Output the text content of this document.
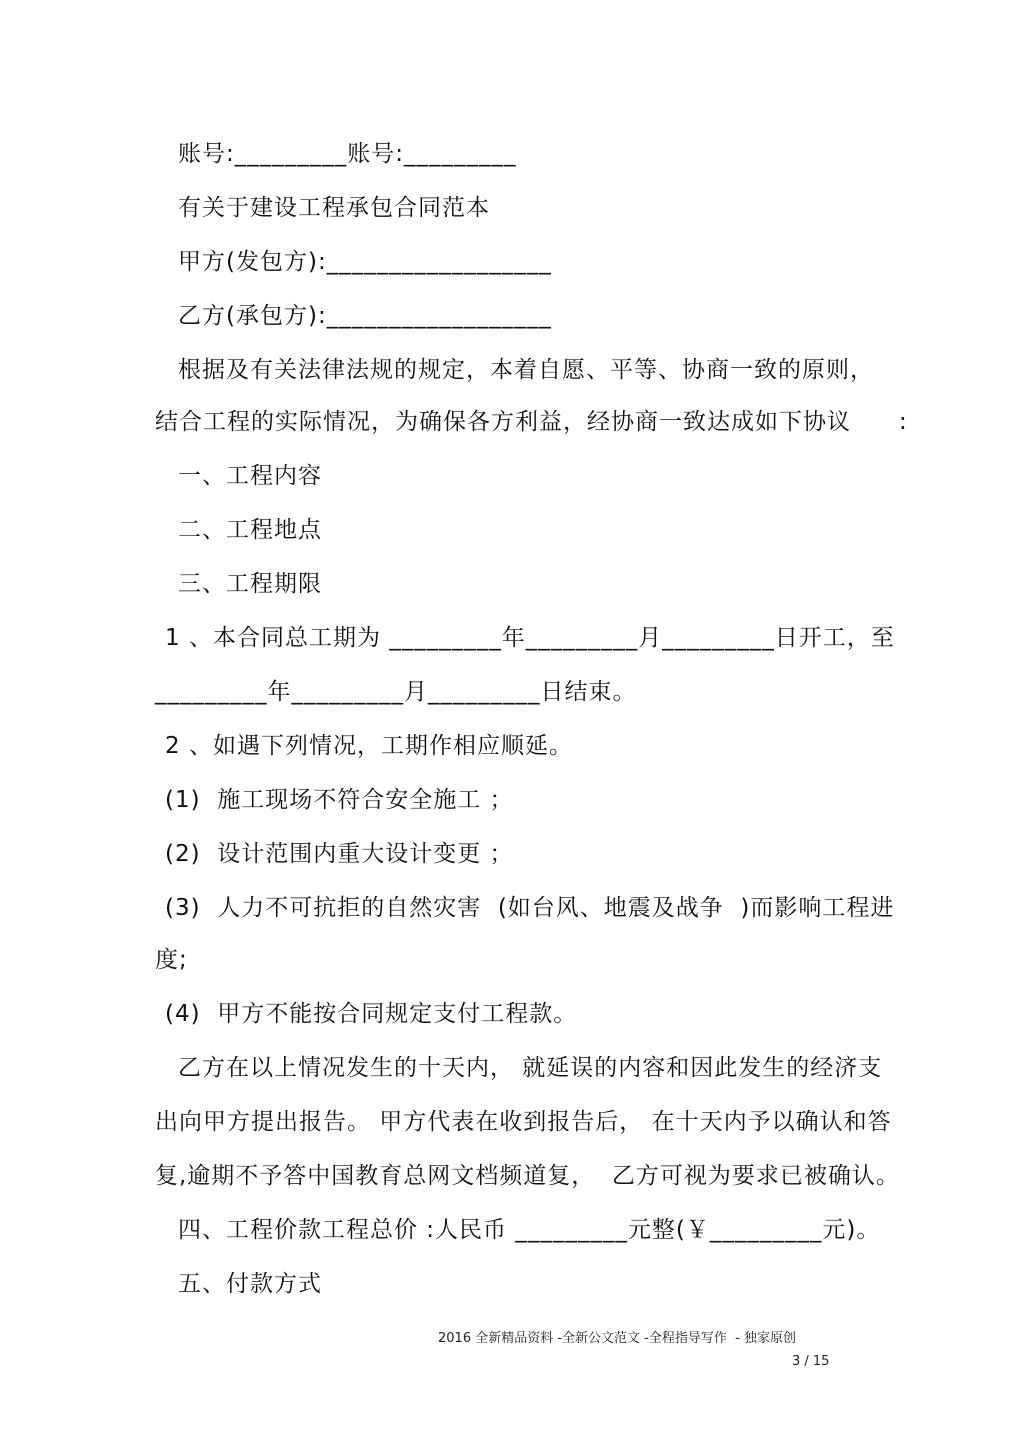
账号:_________账号:_________
有关于建设工程承包合同范本
甲方(发包方):__________________
乙方(承包方):__________________
根据及有关法律法规的规定，本着自愿、平等、协商一致的原则，
结合工程的实际情况，为确保各方利益，经协商一致达成如下协议　　:
一、工程内容
二、工程地点
三、工程期限
1 、本合同总工期为 _________年_________月_________日开工，至
_________年_________月_________日结束。
2 、如遇下列情况，工期作相应顺延。
(1)  施工现场不符合安全施工 ；
(2)  设计范围内重大设计变更 ；
(3)  人力不可抗拒的自然灾害  (如台风、地震及战争  )而影响工程进
度;
(4)  甲方不能按合同规定支付工程款。
乙方在以上情况发生的十天内， 就延误的内容和因此发生的经济支
出向甲方提出报告。 甲方代表在收到报告后， 在十天内予以确认和答
复,逾期不予答中国教育总网文档频道复，  乙方可视为要求已被确认。
四、工程价款工程总价 :人民币 _________元整(￥_________元)。
五、付款方式
2016 全新精品资料 -全新公文范文 -全程指导写作  - 独家原创
3 / 15
